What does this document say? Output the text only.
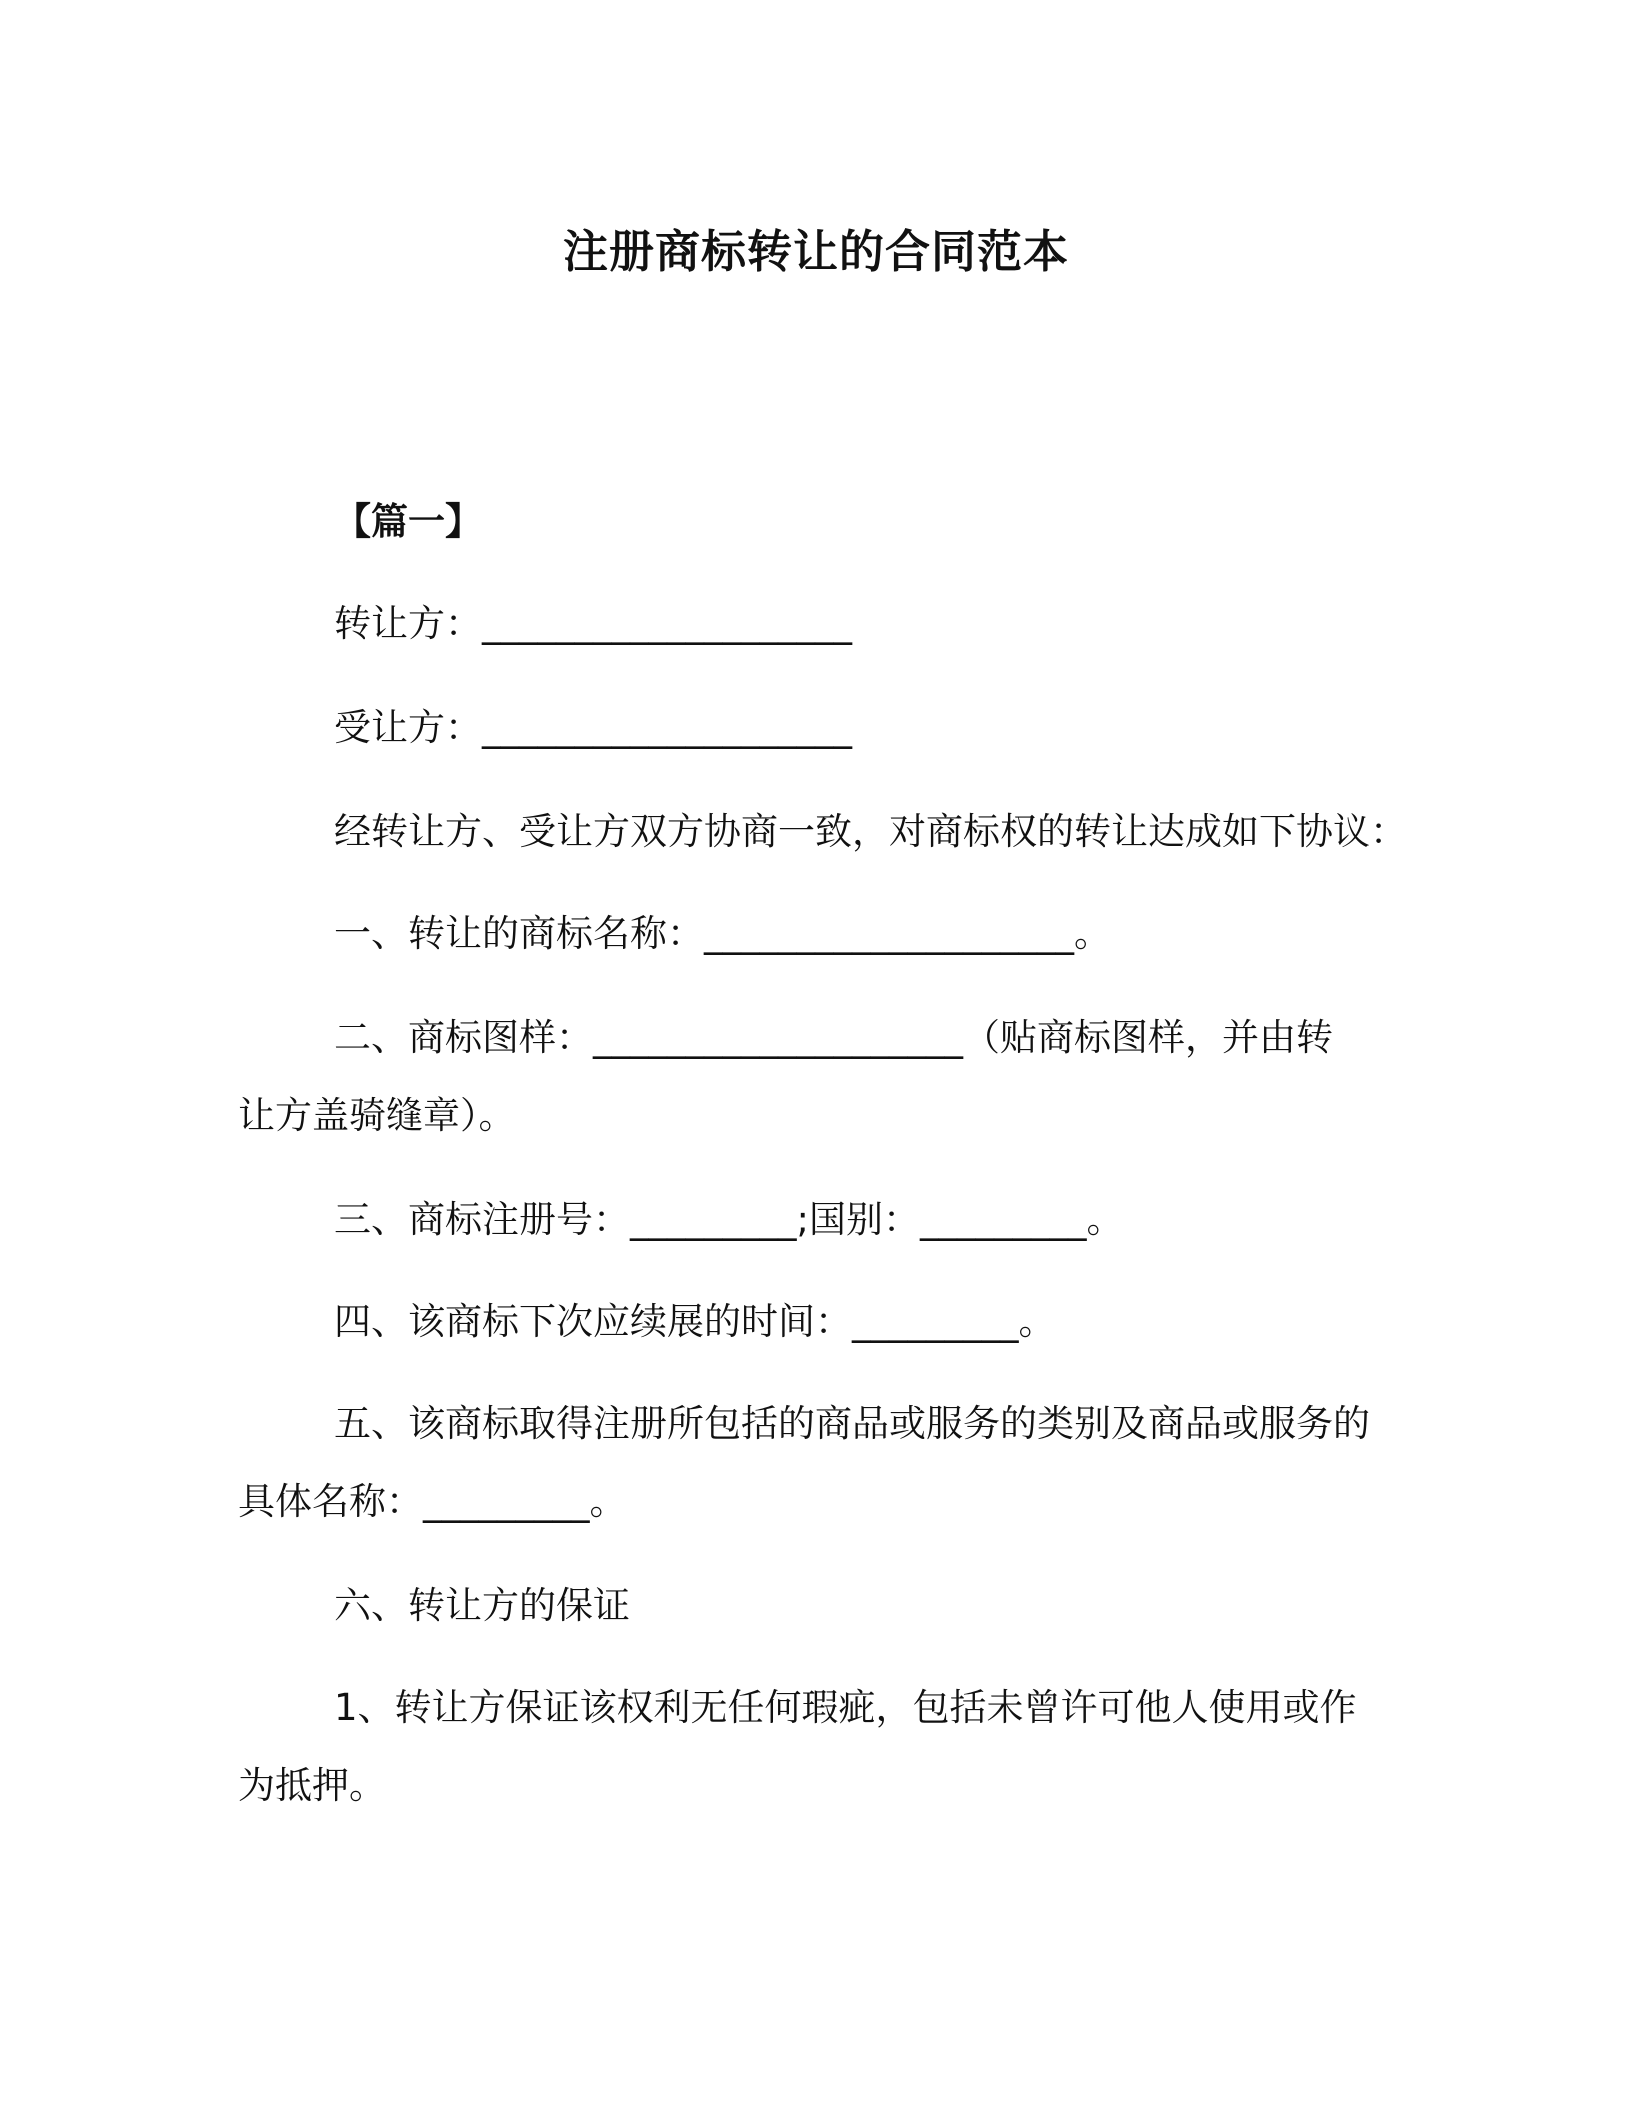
注册商标转让的合同范本
【篇一】
转让方：____________________
受让方：____________________
经转让方、受让方双方协商一致，对商标权的转让达成如下协议：
一、转让的商标名称：____________________。
二、商标图样：____________________（贴商标图样，并由转
让方盖骑缝章）。
三、商标注册号：_________;国别：_________。
四、该商标下次应续展的时间：_________。
五、该商标取得注册所包括的商品或服务的类别及商品或服务的
具体名称：_________。
六、转让方的保证
1、转让方保证该权利无任何瑕疵，包括未曾许可他人使用或作
为抵押。
